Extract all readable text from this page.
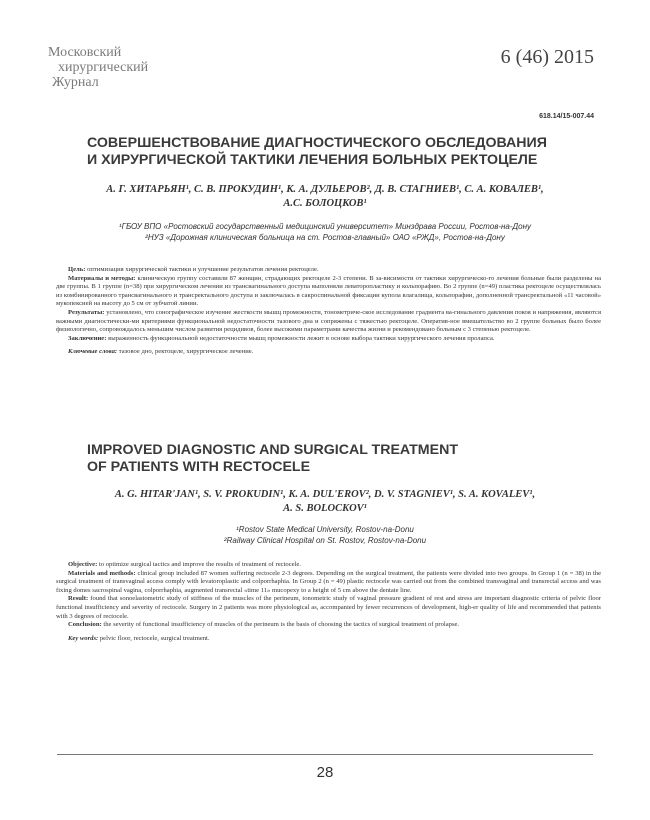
Московский
хирургический
Журнал
6 (46) 2015
618.14/15-007.44
СОВЕРШЕНСТВОВАНИЕ ДИАГНОСТИЧЕСКОГО ОБСЛЕДОВАНИЯ
И ХИРУРГИЧЕСКОЙ ТАКТИКИ ЛЕЧЕНИЯ БОЛЬНЫХ РЕКТОЦЕЛЕ
А. Г. ХИТАРЬЯН¹, С. В. ПРОКУДИН¹, К. А. ДУЛЬЕРОВ², Д. В. СТАГНИЕВ¹, С. А. КОВАЛЕВ¹,
А.С. БОЛОЦКОВ¹
¹ГБОУ ВПО «Ростовский государственный медицинский университет» Минздрава России, Ростов-на-Дону
²НУЗ «Дорожная клиническая больница на ст. Ростов-главный» ОАО «РЖД», Ростов-на-Дону

Цель: оптимизация хирургической тактики и улучшение результатов лечения ректоцеле.

Материалы и методы: клиническую группу составили 87 женщин, страдающих ректоцеле 2-3 степени. В за-висимости от тактики хирургическо-го лечения больные были разделены на две группы. В 1 группе (n=38) при хирургическом лечении из трансвагинального доступа выполняли леваторопластику и кольпорафию. Во 2 группе (n=49) пластика ректоцеле осуществлялась из комбинированного трансвагинального и трансректального доступа и заключалась в сакроспинальной фиксации купола влагалища, кольпорафии, дополненной трансректальной «11 часовой» мукопексией на высоту до 5 см от зубчатой линии.

Результаты: установлено, что сонографическое изучение жесткости мышц промежности, тонометриче-ское исследование градиента ва-гинального давления покоя и напряжения, являются важными диагностически-ми критериями функциональной недостаточности тазового дна и сопряжены с тяжестью ректоцеле. Оператив-ное вмешательство во 2 группе больных было более физиологично, сопровождалось меньшим числом развития рецидивов, более высокими параметрами качества жизни и рекомендовано больным с 3 степенью ректоцеле.

Заключение: выраженность функциональной недостаточности мышц промежности лежит в основе выбора тактики хирургического лечения пролапса.

Ключевые слова: тазовое дно, ректоцеле, хирургическое лечение.

IMPROVED DIAGNOSTIC AND SURGICAL TREATMENT
OF PATIENTS WITH RECTOCELE
A. G. HITAR'JAN¹, S. V. PROKUDIN¹, K. A. DUL'EROV², D. V. STAGNIEV¹, S. A. KOVALEV¹,
A. S. BOLOCKOV¹
¹Rostov State Medical University, Rostov-na-Donu
²Railway Clinical Hospital on St. Rostov, Rostov-na-Donu

Objective: to optimize surgical tactics and improve the results of treatment of rectocele.

Materials and methods: clinical group included 87 women suffering rectocele 2-3 degrees. Depending on the surgical treatment, the patients were divided into two groups. In Group 1 (n = 38) in the surgical treatment of transvaginal access comply with levatoroplastic and colporrhaphia. In Group 2 (n = 49) plastic rectocele was carried out from the combined transvaginal and transrectal access and was fixing domes sacrospinal vagina, colporrhaphia, augmented transrectal «time 11» mucopexy to a height of 5 cm above the dentate line.

Result: found that sonoelastometric study of stiffness of the muscles of the perineum, tonometric study of vaginal pressure gradient of rest and stress are important diagnostic criteria of pelvic floor functional insufficiency and severity of rectocele. Surgery in 2 patients was more physiological as, accompanied by fewer recurrences of development, high-er quality of life and recommended that patients with 3 degrees of rectocele.

Conclusion: the severity of functional insufficiency of muscles of the perineum is the basis of choosing the tactics of surgical treatment of prolapse.

Key words: pelvic floor, rectocele, surgical treatment.

28
